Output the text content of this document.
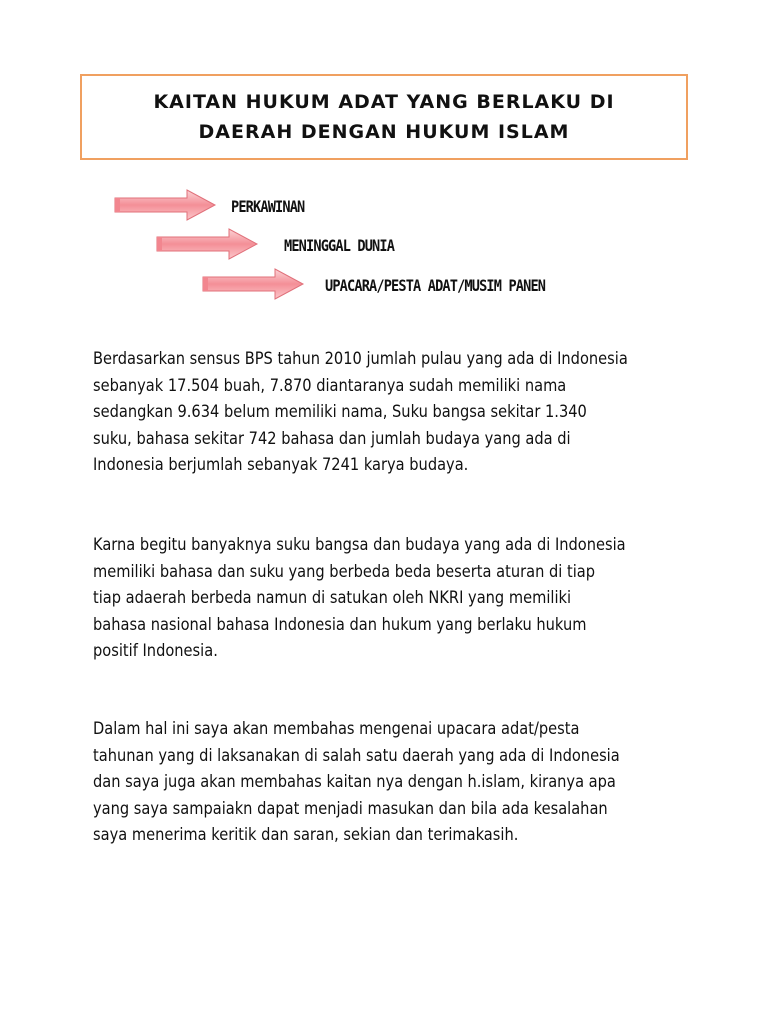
KAITAN HUKUM ADAT YANG BERLAKU DI
DAERAH DENGAN HUKUM ISLAM
PERKAWINAN
MENINGGAL DUNIA
UPACARA/PESTA ADAT/MUSIM PANEN
Berdasarkan sensus BPS tahun 2010 jumlah pulau yang ada di Indonesia
sebanyak 17.504 buah, 7.870 diantaranya sudah memiliki nama
sedangkan 9.634 belum memiliki nama, Suku bangsa sekitar 1.340
suku, bahasa sekitar 742 bahasa dan jumlah budaya yang ada di
Indonesia berjumlah sebanyak 7241 karya budaya.
Karna begitu banyaknya suku bangsa dan budaya yang ada di Indonesia
memiliki bahasa dan suku yang berbeda beda beserta aturan di tiap
tiap adaerah berbeda namun di satukan oleh NKRI yang memiliki
bahasa nasional bahasa Indonesia dan hukum yang berlaku hukum
positif Indonesia.
Dalam hal ini saya akan membahas mengenai upacara adat/pesta
tahunan yang di laksanakan di salah satu daerah yang ada di Indonesia
dan saya juga akan membahas kaitan nya dengan h.islam, kiranya apa
yang saya sampaiakn dapat menjadi masukan dan bila ada kesalahan
saya menerima keritik dan saran, sekian dan terimakasih.
